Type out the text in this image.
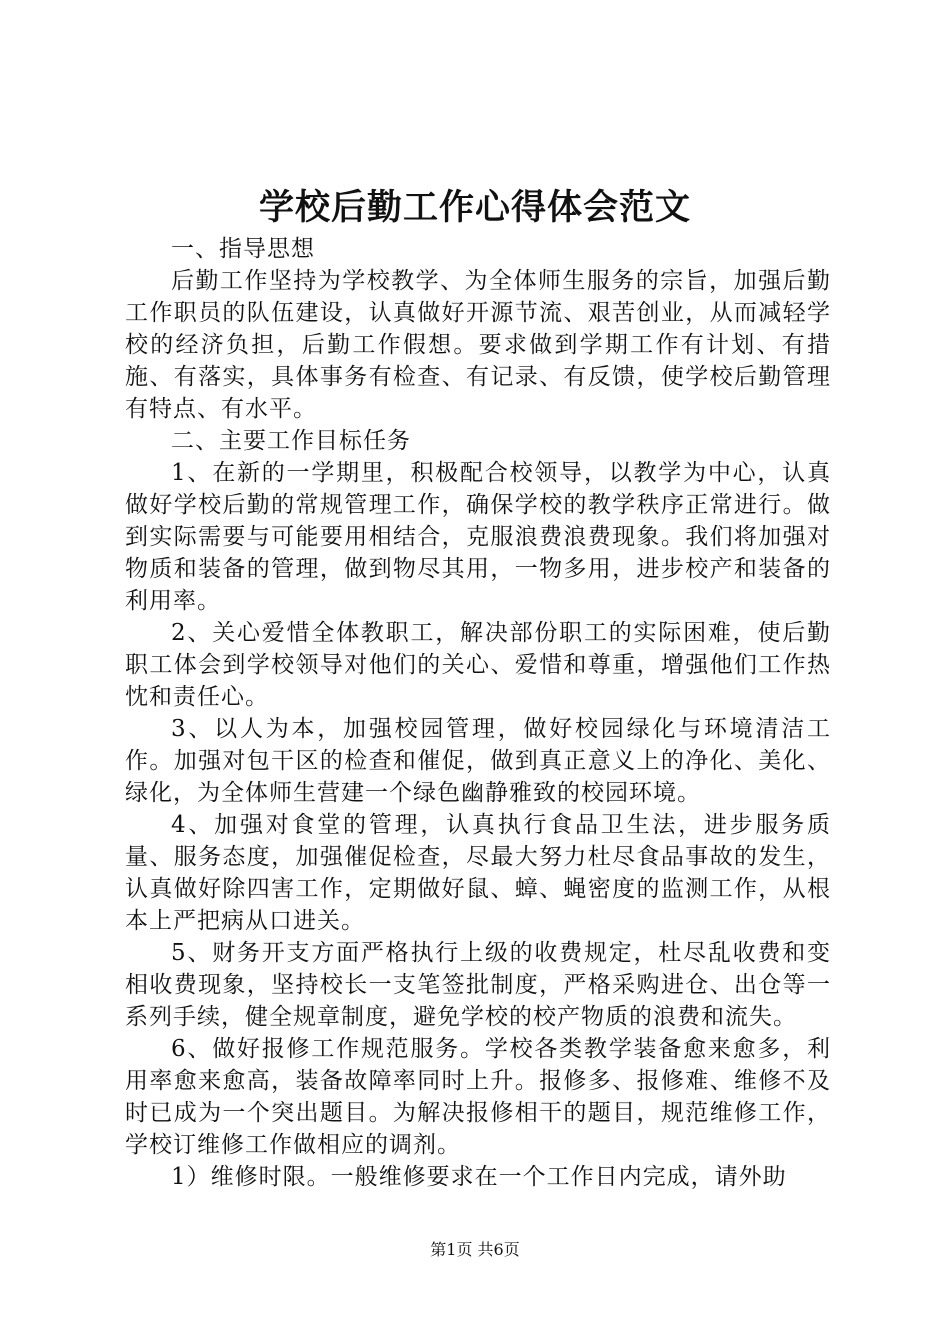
学校后勤工作心得体会范文

一、指导思想

后勤工作坚持为学校教学、为全体师生服务的宗旨，加强后勤工作职员的队伍建设，认真做好开源节流、艰苦创业，从而减轻学校的经济负担，后勤工作假想。要求做到学期工作有计划、有措施、有落实，具体事务有检查、有记录、有反馈，使学校后勤管理有特点、有水平。

二、主要工作目标任务

1、在新的一学期里，积极配合校领导，以教学为中心，认真做好学校后勤的常规管理工作，确保学校的教学秩序正常进行。做到实际需要与可能要用相结合，克服浪费浪费现象。我们将加强对物质和装备的管理，做到物尽其用，一物多用，进步校产和装备的利用率。

2、关心爱惜全体教职工，解决部份职工的实际困难，使后勤职工体会到学校领导对他们的关心、爱惜和尊重，增强他们工作热忱和责任心。

3、以人为本，加强校园管理，做好校园绿化与环境清洁工作。加强对包干区的检查和催促，做到真正意义上的净化、美化、绿化，为全体师生营建一个绿色幽静雅致的校园环境。

4、加强对食堂的管理，认真执行食品卫生法，进步服务质量、服务态度，加强催促检查，尽最大努力杜尽食品事故的发生，认真做好除四害工作，定期做好鼠、蟑、蝇密度的监测工作，从根本上严把病从口进关。

5、财务开支方面严格执行上级的收费规定，杜尽乱收费和变相收费现象，坚持校长一支笔签批制度，严格采购进仓、出仓等一系列手续，健全规章制度，避免学校的校产物质的浪费和流失。

6、做好报修工作规范服务。学校各类教学装备愈来愈多，利用率愈来愈高，装备故障率同时上升。报修多、报修难、维修不及时已成为一个突出题目。为解决报修相干的题目，规范维修工作，学校订维修工作做相应的调剂。

1）维修时限。一般维修要求在一个工作日内完成，请外助

第1页 共6页
